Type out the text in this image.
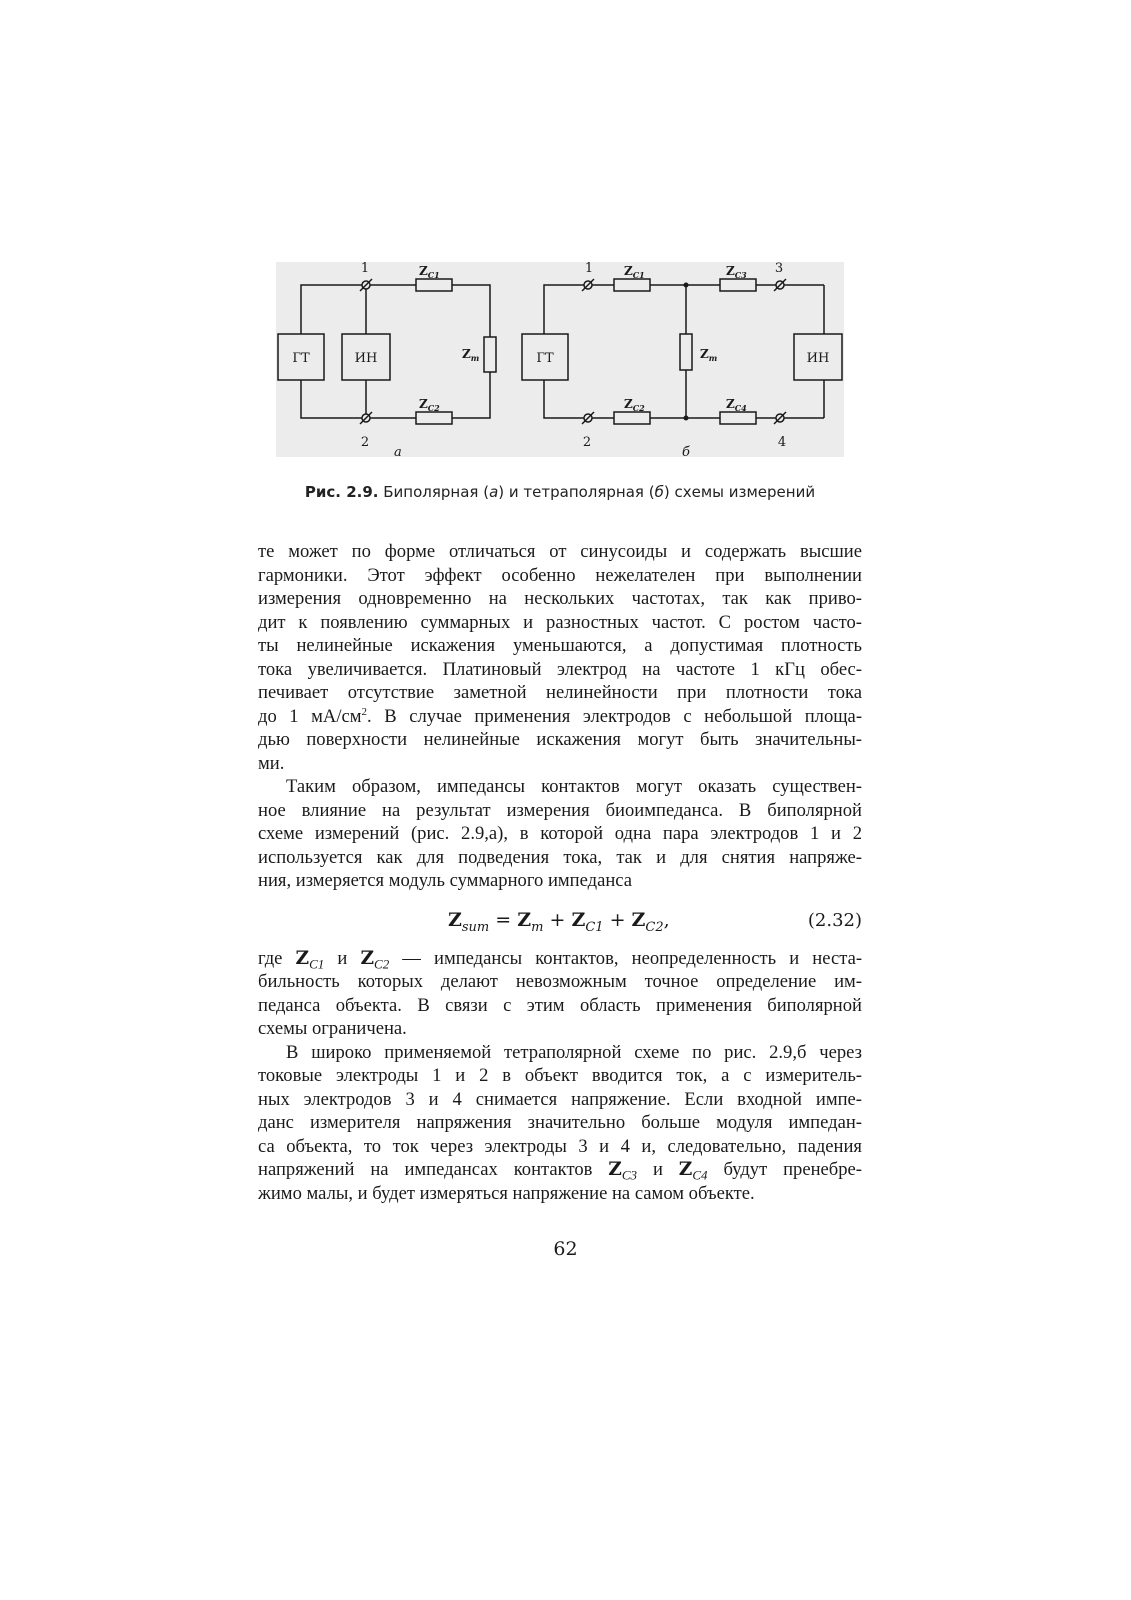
ГТ	ИН
1
2
$Z_{C1}$
$Z_{C2}$
$Z_m$
а
ГТ	ИН
1
2
3
4
$Z_{C1}$	$Z_{C3}$
$Z_{C2}$	$Z_{C4}$
$Z_m$
б
Рис. 2.9. Биполярная (а) и тетраполярная (б) схемы измерений
те может по форме отличаться от синусоиды и содержать высшие
гармоники. Этот эффект особенно нежелателен при выполнении
измерения одновременно на нескольких частотах, так как приво-
дит к появлению суммарных и разностных частот. С ростом часто-
ты нелинейные искажения уменьшаются, а допустимая плотность
тока увеличивается. Платиновый электрод на частоте 1 кГц обес-
печивает отсутствие заметной нелинейности при плотности тока
до 1 $мА/см^2$. В случае применения электродов с небольшой площа-
дью поверхности нелинейные искажения могут быть значительны-
ми.
Таким образом, импедансы контактов могут оказать существен-
ное влияние на результат измерения биоимпеданса. В биполярной
схеме измерений (рис. 2.9,а), в которой одна пара электродов 1 и 2
используется как для подведения тока, так и для снятия напряже-
ния, измеряется модуль суммарного импеданса
$Z_{sum} = Z_m + Z_{C1} + Z_{C2}$,	(2.32)
где $Z_{C1}$ и $Z_{C2}$ — импедансы контактов, неопределенность и неста-
бильность которых делают невозможным точное определение им-
педанса объекта. В связи с этим область применения биполярной
схемы ограничена.
В широко применяемой тетраполярной схеме по рис. 2.9,б через
токовые электроды 1 и 2 в объект вводится ток, а с измеритель-
ных электродов 3 и 4 снимается напряжение. Если входной импе-
данс измерителя напряжения значительно больше модуля импедан-
са объекта, то ток через электроды 3 и 4 и, следовательно, падения
напряжений на импедансах контактов $Z_{C3}$ и $Z_{C4}$ будут пренебре-
жимо малы, и будет измеряться напряжение на самом объекте.
62
